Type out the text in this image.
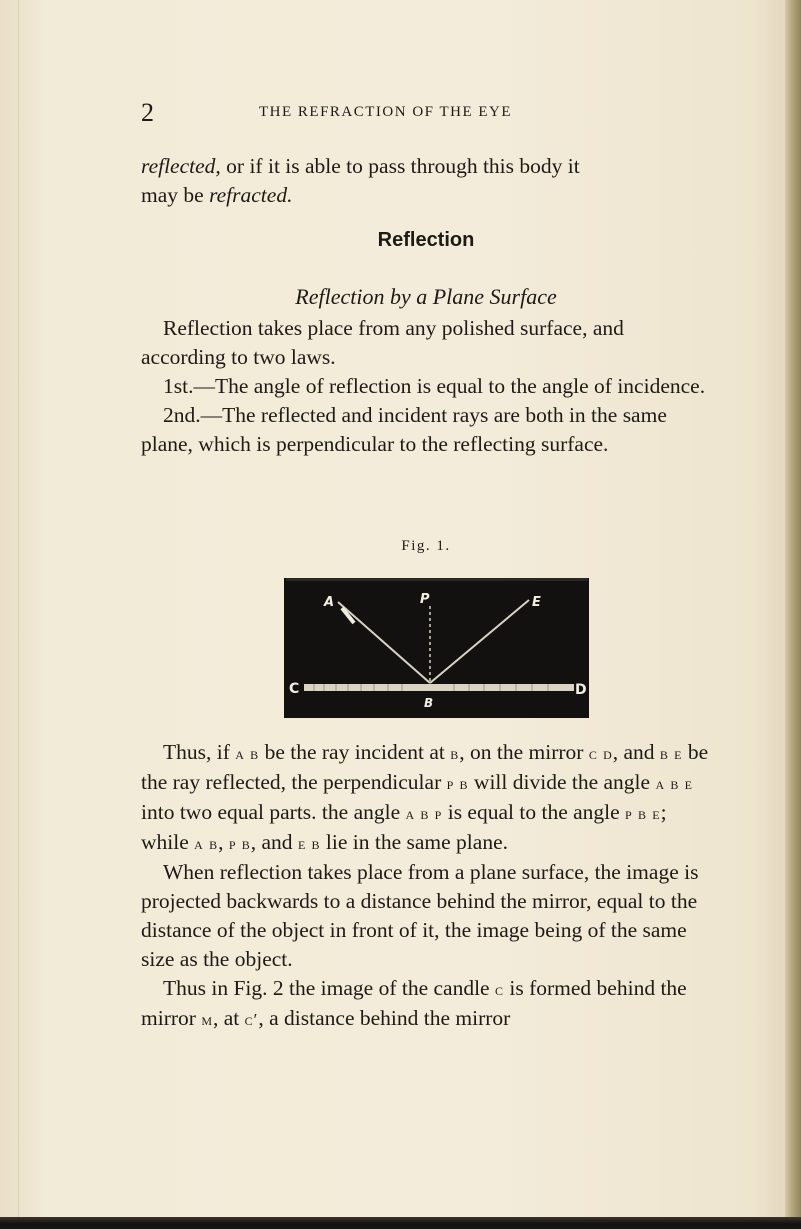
2	THE REFRACTION OF THE EYE

reflected, or if it is able to pass through this body it

may be refracted.

Reflection
Reflection by a Plane Surface

Reflection takes place from any polished surface, and according to two laws.

1st.—The angle of reflection is equal to the angle of incidence.

2nd.—The reflected and incident rays are both in the same plane, which is perpendicular to the reflecting surface.

Fig. 1.
A	P	E
C	D
B

Thus, if a b be the ray incident at b, on the mirror c d, and b e be the ray reflected, the perpendicular p b will divide the angle a b e into two equal parts. the angle a b p is equal to the angle p b e; while a b, p b, and e b lie in the same plane.

When reflection takes place from a plane surface, the image is projected backwards to a distance behind the mirror, equal to the distance of the object in front of it, the image being of the same size as the object.

Thus in Fig. 2 the image of the candle c is formed behind the mirror m, at c′, a distance behind the mirror
